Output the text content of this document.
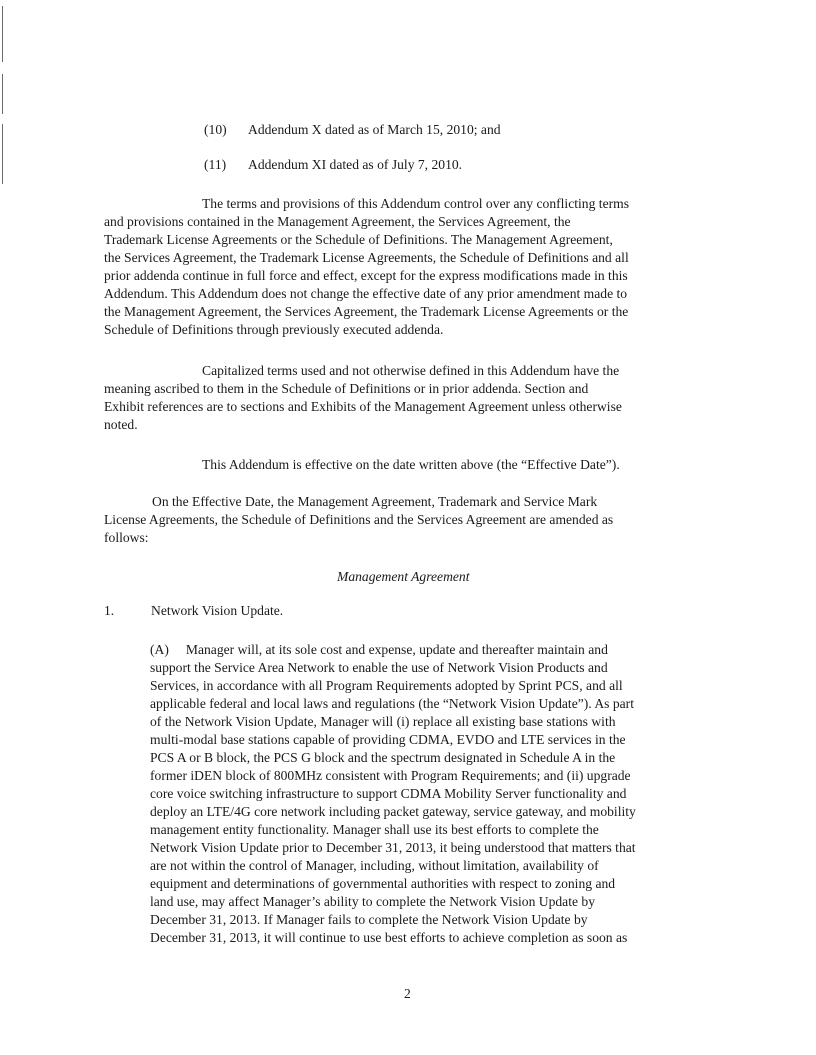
(10) Addendum X dated as of March 15, 2010; and
(11) Addendum XI dated as of July 7, 2010.
The terms and provisions of this Addendum control over any conflicting terms
and provisions contained in the Management Agreement, the Services Agreement, the
Trademark License Agreements or the Schedule of Definitions. The Management Agreement,
the Services Agreement, the Trademark License Agreements, the Schedule of Definitions and all
prior addenda continue in full force and effect, except for the express modifications made in this
Addendum. This Addendum does not change the effective date of any prior amendment made to
the Management Agreement, the Services Agreement, the Trademark License Agreements or the
Schedule of Definitions through previously executed addenda.
Capitalized terms used and not otherwise defined in this Addendum have the
meaning ascribed to them in the Schedule of Definitions or in prior addenda. Section and
Exhibit references are to sections and Exhibits of the Management Agreement unless otherwise
noted.
This Addendum is effective on the date written above (the “Effective Date”).
On the Effective Date, the Management Agreement, Trademark and Service Mark
License Agreements, the Schedule of Definitions and the Services Agreement are amended as
follows:
Management Agreement
1.	Network Vision Update.
(A)     Manager will, at its sole cost and expense, update and thereafter maintain and
support the Service Area Network to enable the use of Network Vision Products and
Services, in accordance with all Program Requirements adopted by Sprint PCS, and all
applicable federal and local laws and regulations (the “Network Vision Update”). As part
of the Network Vision Update, Manager will (i) replace all existing base stations with
multi-modal base stations capable of providing CDMA, EVDO and LTE services in the
PCS A or B block, the PCS G block and the spectrum designated in Schedule A in the
former iDEN block of 800MHz consistent with Program Requirements; and (ii) upgrade
core voice switching infrastructure to support CDMA Mobility Server functionality and
deploy an LTE/4G core network including packet gateway, service gateway, and mobility
management entity functionality. Manager shall use its best efforts to complete the
Network Vision Update prior to December 31, 2013, it being understood that matters that
are not within the control of Manager, including, without limitation, availability of
equipment and determinations of governmental authorities with respect to zoning and
land use, may affect Manager’s ability to complete the Network Vision Update by
December 31, 2013. If Manager fails to complete the Network Vision Update by
December 31, 2013, it will continue to use best efforts to achieve completion as soon as
2
